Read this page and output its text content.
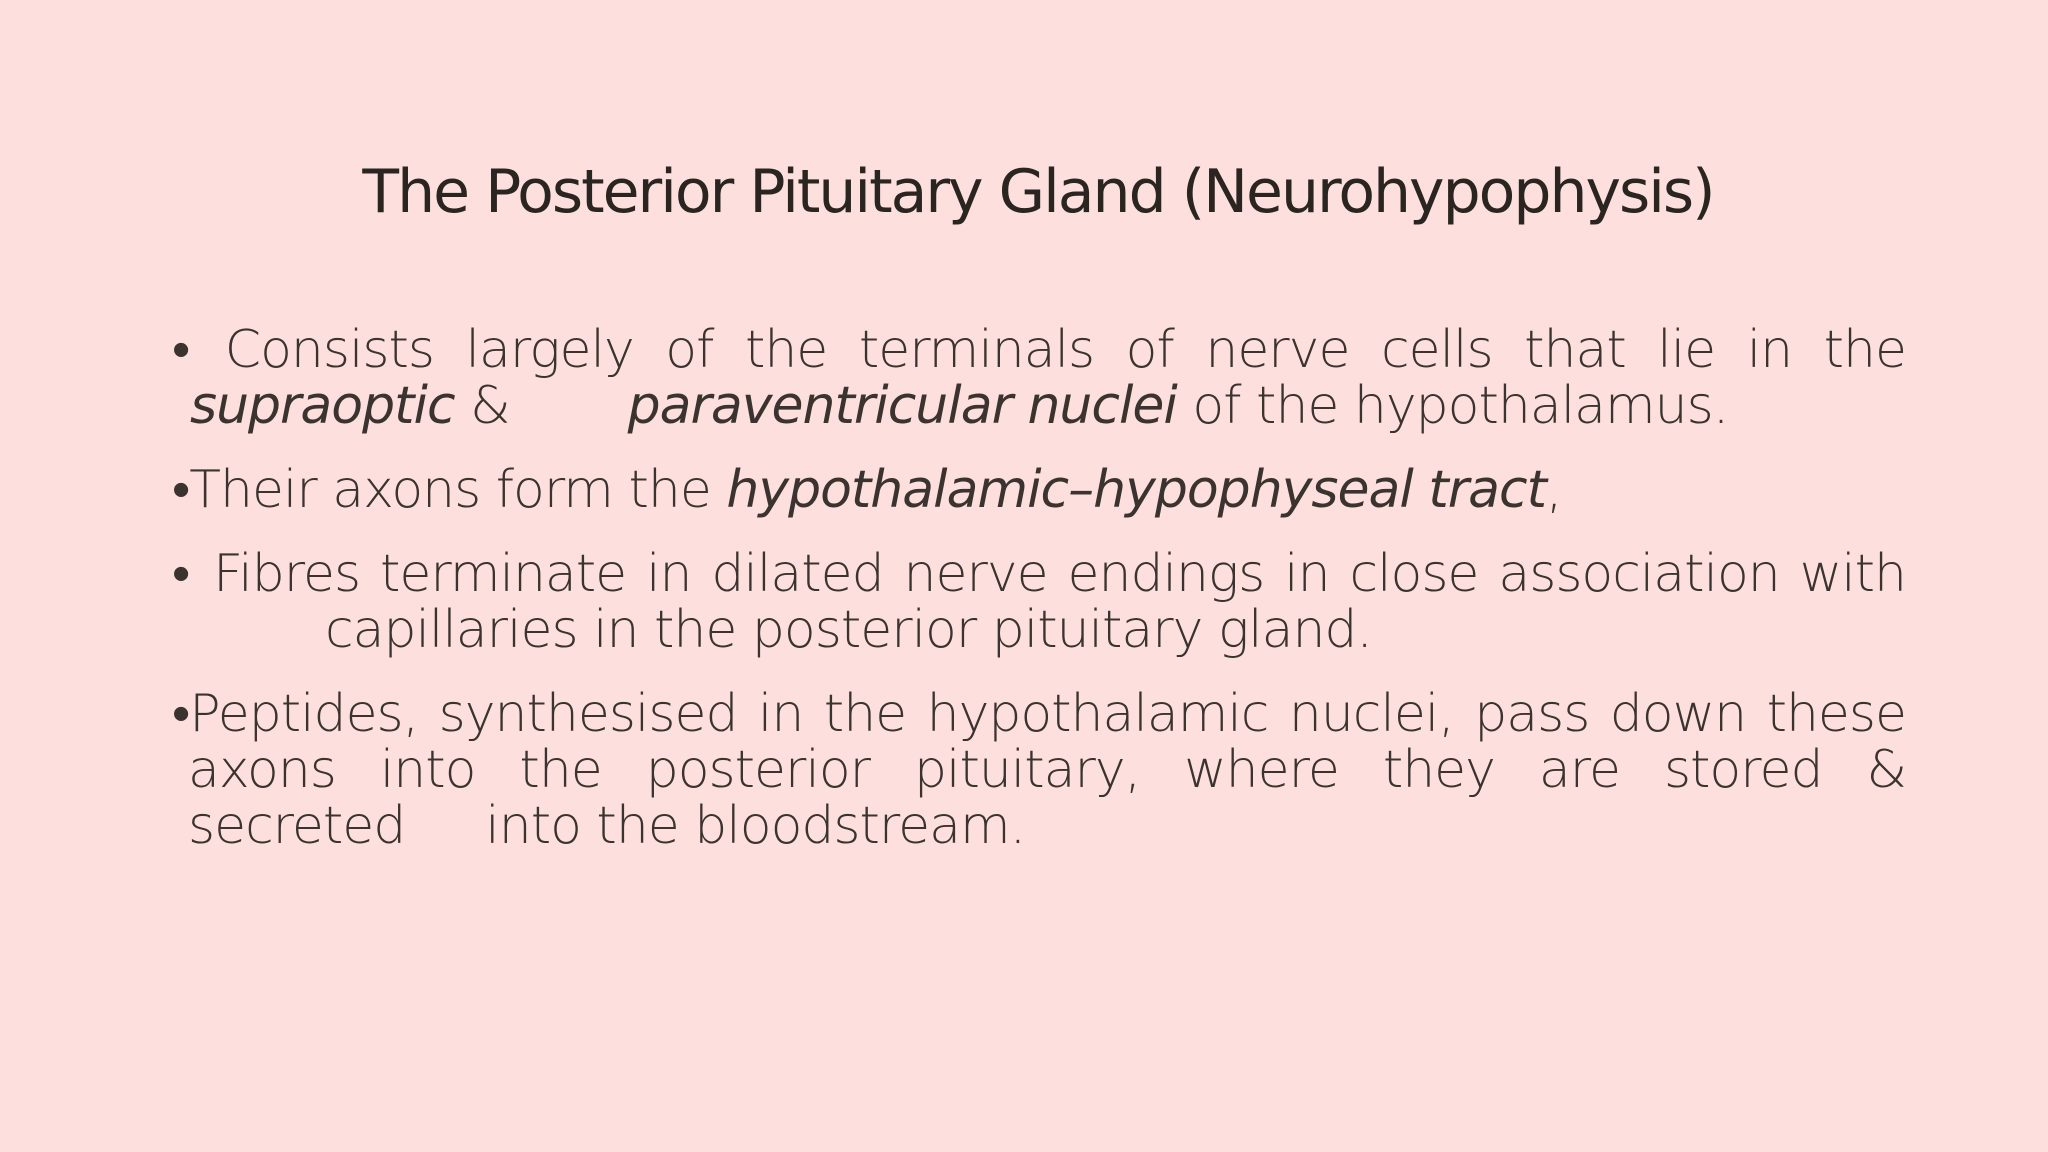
The Posterior Pituitary Gland (Neurohypophysis)
• Consists largely of the terminals of nerve cells that lie in the
supraoptic & paraventricular nuclei of the hypothalamus.
•Their axons form the hypothalamic–hypophyseal tract,
• Fibres terminate in dilated nerve endings in close association with
capillaries in the posterior pituitary gland.
•Peptides, synthesised in the hypothalamic nuclei, pass down these
axons into the posterior pituitary, where they are stored &
secreted into the bloodstream.
